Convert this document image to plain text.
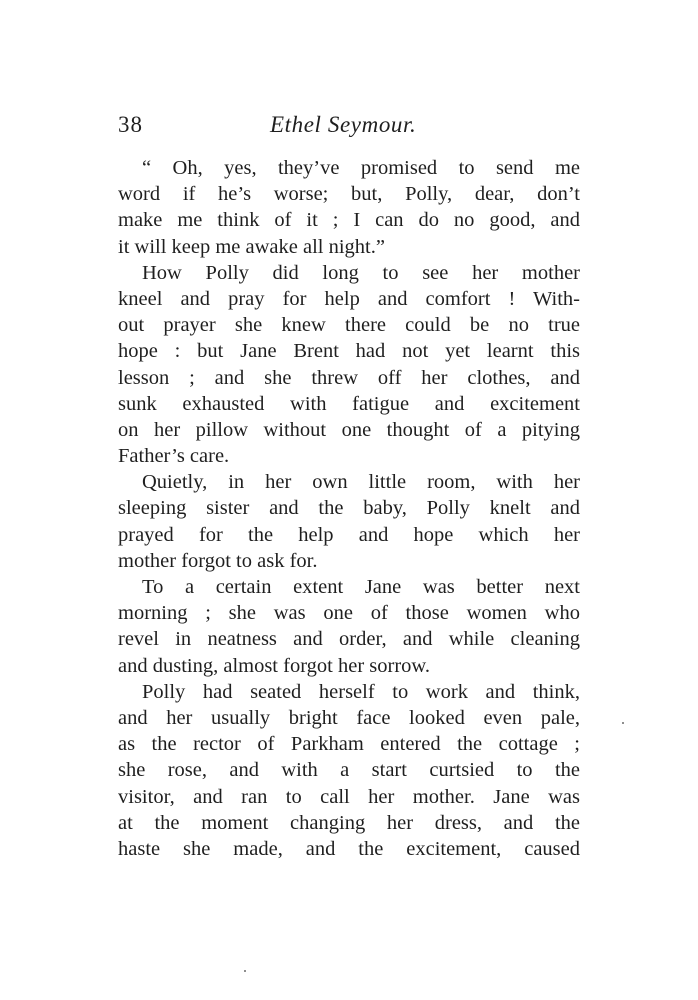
38	Ethel Seymour.
“ Oh, yes, they’ve promised to send me
word if he’s worse; but, Polly, dear, don’t
make me think of it ; I can do no good, and
it will keep me awake all night.”
How Polly did long to see her mother
kneel and pray for help and comfort ! With-
out prayer she knew there could be no true
hope : but Jane Brent had not yet learnt this
lesson ; and she threw off her clothes, and
sunk exhausted with fatigue and excitement
on her pillow without one thought of a pitying
Father’s care.
Quietly, in her own little room, with her
sleeping sister and the baby, Polly knelt and
prayed for the help and hope which her
mother forgot to ask for.
To a certain extent Jane was better next
morning ; she was one of those women who
revel in neatness and order, and while cleaning
and dusting, almost forgot her sorrow.
Polly had seated herself to work and think,
and her usually bright face looked even pale,
as the rector of Parkham entered the cottage ;
she rose, and with a start curtsied to the
visitor, and ran to call her mother. Jane was
at the moment changing her dress, and the
haste she made, and the excitement, caused
